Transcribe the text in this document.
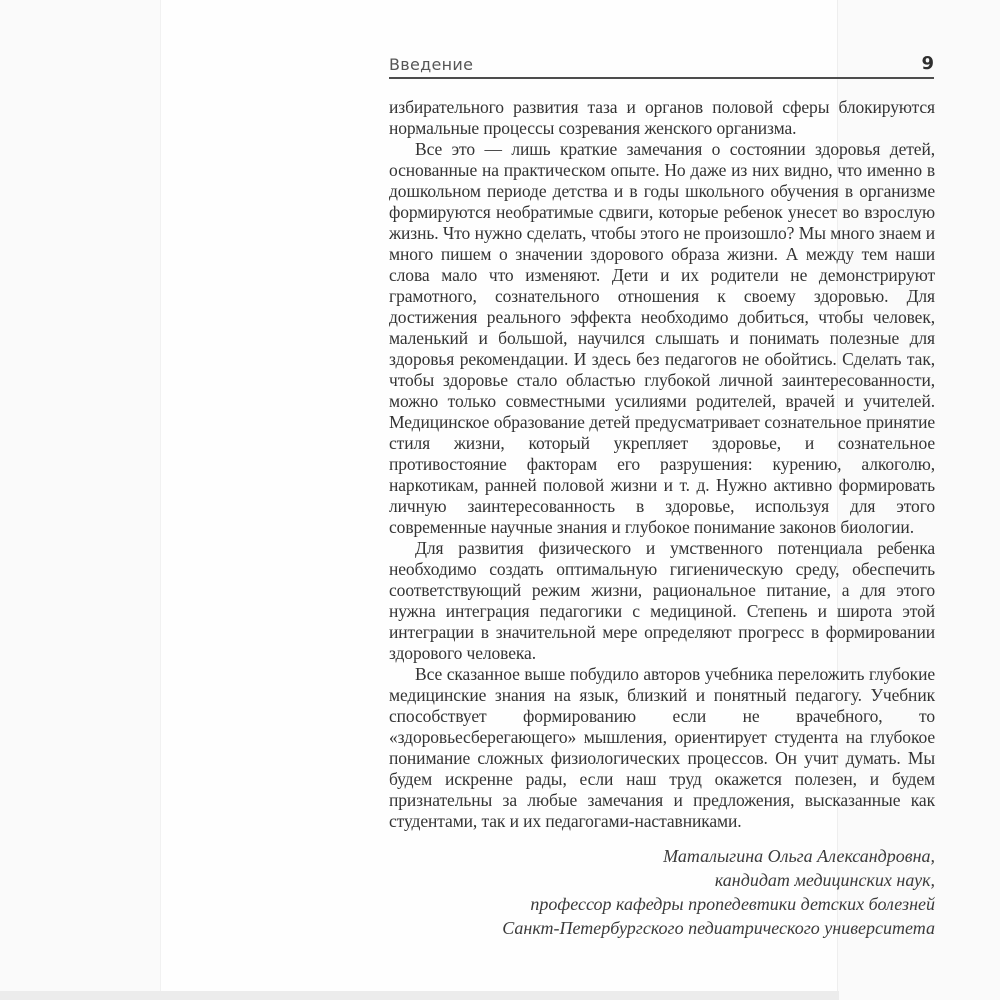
Введение	9

избирательного развития таза и органов половой сферы блокируются нормальные процессы созревания женского организма.

Все это — лишь краткие замечания о состоянии здоровья детей, основанные на практическом опыте. Но даже из них видно, что именно в дошкольном периоде детства и в годы школьного обучения в организме формируются необратимые сдвиги, которые ребенок унесет во взрослую жизнь. Что нужно сделать, чтобы этого не произошло? Мы много знаем и много пишем о значении здорового образа жизни. А между тем наши слова мало что изменяют. Дети и их родители не демонстрируют грамотного, сознательного отношения к своему здоровью. Для достижения реального эффекта необходимо добиться, чтобы человек, маленький и большой, научился слышать и понимать полезные для здоровья рекомендации. И здесь без педагогов не обойтись. Сделать так, чтобы здоровье стало областью глубокой личной заинтересованности, можно только совместными усилиями родителей, врачей и учителей. Медицинское образование детей предусматривает сознательное принятие стиля жизни, который укрепляет здоровье, и сознательное противостояние факторам его разрушения: курению, алкоголю, наркотикам, ранней половой жизни и т. д. Нужно активно формировать личную заинтересованность в здоровье, используя для этого современные научные знания и глубокое понимание законов биологии.

Для развития физического и умственного потенциала ребенка необходимо создать оптимальную гигиеническую среду, обеспечить соответствующий режим жизни, рациональное питание, а для этого нужна интеграция педагогики с медициной. Степень и широта этой интеграции в значительной мере определяют прогресс в формировании здорового человека.

Все сказанное выше побудило авторов учебника переложить глубокие медицинские знания на язык, близкий и понятный педагогу. Учебник способствует формированию если не врачебного, то «здоровьесберегающего» мышления, ориентирует студента на глубокое понимание сложных физиологических процессов. Он учит думать. Мы будем искренне рады, если наш труд окажется полезен, и будем признательны за любые замечания и предложения, высказанные как студентами, так и их педагогами-наставниками.

Маталыгина Ольга Александровна,
кандидат медицинских наук,
профессор кафедры пропедевтики детских болезней
Санкт-Петербургского педиатрического университета
